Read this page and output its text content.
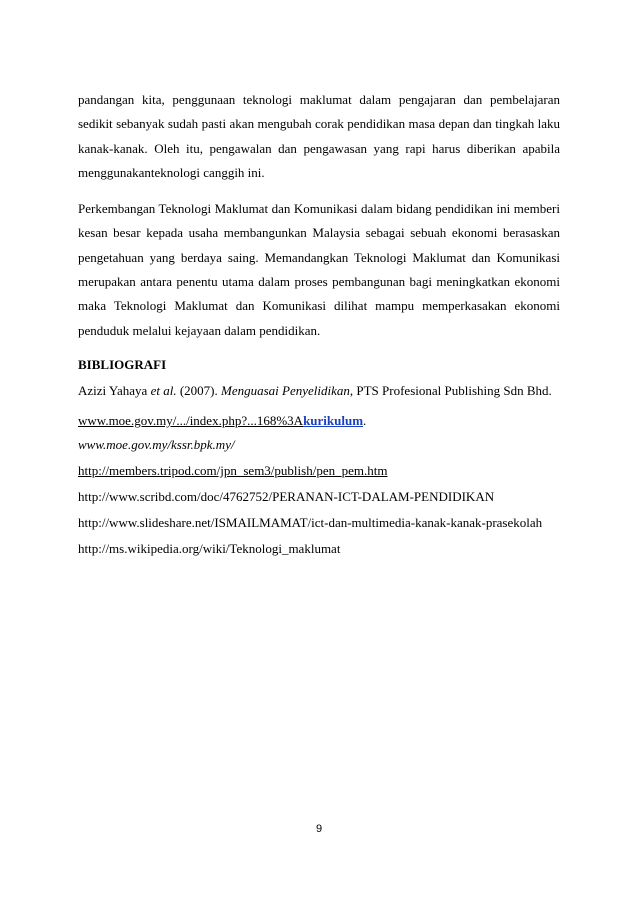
pandangan kita, penggunaan teknologi maklumat dalam pengajaran dan pembelajaran sedikit sebanyak sudah pasti akan mengubah corak pendidikan masa depan dan tingkah laku kanak-kanak. Oleh itu, pengawalan dan pengawasan yang rapi harus diberikan apabila menggunakanteknologi canggih ini.

Perkembangan Teknologi Maklumat dan Komunikasi dalam bidang pendidikan ini memberi kesan besar kepada usaha membangunkan Malaysia sebagai sebuah ekonomi berasaskan pengetahuan yang berdaya saing. Memandangkan Teknologi Maklumat dan Komunikasi merupakan antara penentu utama dalam proses pembangunan bagi meningkatkan ekonomi maka Teknologi Maklumat dan Komunikasi dilihat mampu memperkasakan ekonomi penduduk melalui kejayaan dalam pendidikan.

BIBLIOGRAFI
Azizi Yahaya et al. (2007). Menguasai Penyelidikan, PTS Profesional Publishing Sdn Bhd.
www.moe.gov.my/.../index.php?...168%3Akurikulum.
www.moe.gov.my/kssr.bpk.my/
http://members.tripod.com/jpn_sem3/publish/pen_pem.htm
http://www.scribd.com/doc/4762752/PERANAN-ICT-DALAM-PENDIDIKAN
http://www.slideshare.net/ISMAILMAMAT/ict-dan-multimedia-kanak-kanak-prasekolah
http://ms.wikipedia.org/wiki/Teknologi_maklumat
9
